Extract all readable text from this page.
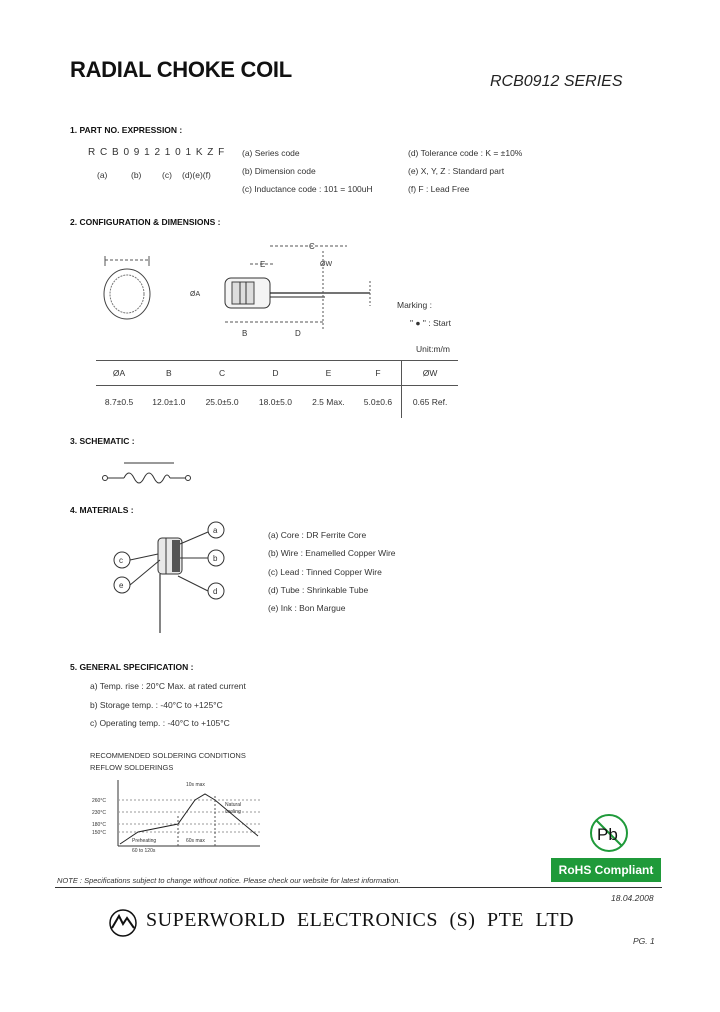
RADIAL CHOKE COIL	RCB0912 SERIES
1. PART NO. EXPRESSION :
R C B 0 9 1 2 1 0 1 K Z F
(a)	(b) (c) (d)(e)(f)
(a) Series code
(b) Dimension code
(c) Inductance code : 101 = 100uH
(d) Tolerance code : K = ±10%
(e) X, Y, Z : Standard part
(f) F : Lead Free
2. CONFIGURATION & DIMENSIONS :
C
E	ØW
ØA
B	D
Marking :
" ● " : Start
Unit:m/m
ØA	B	C	D	E	F	ØW
8.7±0.5	12.0±1.0	25.0±5.0	18.0±5.0	2.5 Max.	5.0±0.6	0.65 Ref.
3. SCHEMATIC :
4. MATERIALS :
a
b
c
d
e
(a) Core : DR Ferrite Core
(b) Wire : Enamelled Copper Wire
(c) Lead : Tinned Copper Wire
(d) Tube : Shrinkable Tube
(e) Ink : Bon Margue
5. GENERAL SPECIFICATION :
a) Temp. rise : 20°C Max. at rated current
b) Storage temp. : -40°C to +125°C
c) Operating temp. : -40°C to +105°C
RECOMMENDED SOLDERING CONDITIONS
REFLOW SOLDERINGS
260°C
230°C
180°C
150°C
10s max
Natural
cooling
Preheating
60 to 120s
60s max	Pb
RoHS Compliant
NOTE : Specifications subject to change without notice. Please check our website for latest information.
18.04.2008
SUPERWORLD ELECTRONICS (S) PTE LTD
PG. 1
